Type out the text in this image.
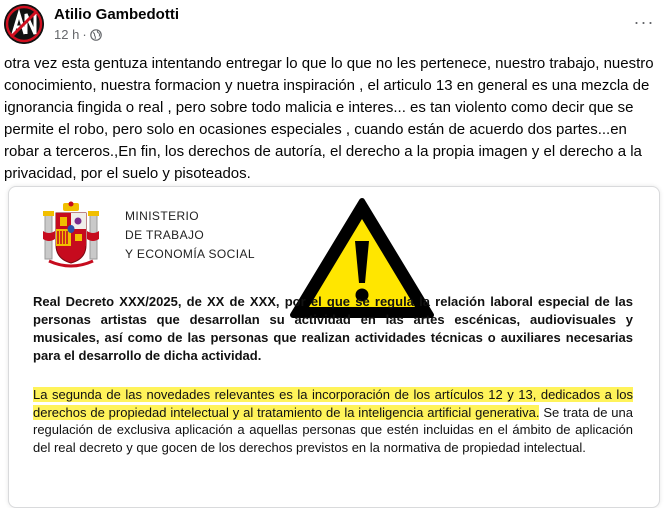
Atilio Gambedotti
12 h ·
···
otra vez esta gentuza intentando entregar lo que lo que no les pertenece, nuestro trabajo, nuestro conocimiento, nuestra formacion y nuetra inspiración , el articulo 13 en general es una mezcla de ignorancia fingida o real , pero sobre todo malicia e interes... es tan violento como decir que se permite el robo, pero solo en ocasiones especiales , cuando están de acuerdo dos partes...en robar a terceros.,En fin, los derechos de autoría, el derecho a la propia imagen y el derecho a la privacidad, por el suelo y pisoteados.
MINISTERIO
DE TRABAJO
Y ECONOMÍA SOCIAL
Real Decreto XXX/2025, de XX de XXX, por el que se regula la relación laboral especial de las personas artistas que desarrollan su actividad en las artes escénicas, audiovisuales y musicales, así como de las personas que realizan actividades técnicas o auxiliares necesarias para el desarrollo de dicha actividad.
La segunda de las novedades relevantes es la incorporación de los artículos 12 y 13, dedicados a los derechos de propiedad intelectual y al tratamiento de la inteligencia artificial generativa. Se trata de una regulación de exclusiva aplicación a aquellas personas que estén incluidas en el ámbito de aplicación del real decreto y que gocen de los derechos previstos en la normativa de propiedad intelectual.
